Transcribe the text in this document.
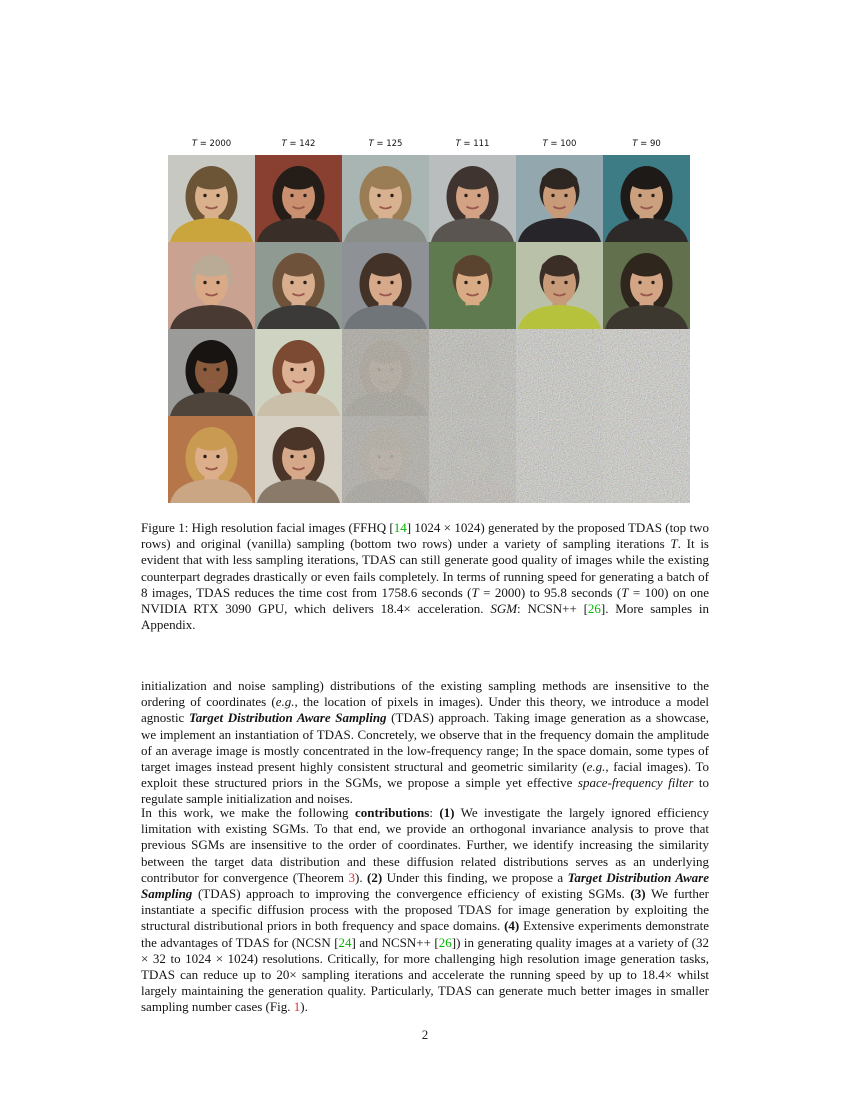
T = 2000	T = 142	T = 125	T = 111	T = 100	T = 90
Figure 1: High resolution facial images (FFHQ [14] 1024 × 1024) generated by the proposed TDAS (top two rows) and original (vanilla) sampling (bottom two rows) under a variety of sampling iterations T. It is evident that with less sampling iterations, TDAS can still generate good quality of images while the existing counterpart degrades drastically or even fails completely. In terms of running speed for generating a batch of 8 images, TDAS reduces the time cost from 1758.6 seconds (T = 2000) to 95.8 seconds (T = 100) on one NVIDIA RTX 3090 GPU, which delivers 18.4× acceleration. SGM: NCSN++ [26]. More samples in Appendix.
initialization and noise sampling) distributions of the existing sampling methods are insensitive to the ordering of coordinates (e.g., the location of pixels in images). Under this theory, we introduce a model agnostic Target Distribution Aware Sampling (TDAS) approach. Taking image generation as a showcase, we implement an instantiation of TDAS. Concretely, we observe that in the frequency domain the amplitude of an average image is mostly concentrated in the low-frequency range; In the space domain, some types of target images instead present highly consistent structural and geometric similarity (e.g., facial images). To exploit these structured priors in the SGMs, we propose a simple yet effective space-frequency filter to regulate sample initialization and noises.
In this work, we make the following contributions: (1) We investigate the largely ignored efficiency limitation with existing SGMs. To that end, we provide an orthogonal invariance analysis to prove that previous SGMs are insensitive to the order of coordinates. Further, we identify increasing the similarity between the target data distribution and these diffusion related distributions serves as an underlying contributor for convergence (Theorem 3). (2) Under this finding, we propose a Target Distribution Aware Sampling (TDAS) approach to improving the convergence efficiency of existing SGMs. (3) We further instantiate a specific diffusion process with the proposed TDAS for image generation by exploiting the structural distributional priors in both frequency and space domains. (4) Extensive experiments demonstrate the advantages of TDAS for (NCSN [24] and NCSN++ [26]) in generating quality images at a variety of (32 × 32 to 1024 × 1024) resolutions. Critically, for more challenging high resolution image generation tasks, TDAS can reduce up to 20× sampling iterations and accelerate the running speed by up to 18.4× whilst largely maintaining the generation quality. Particularly, TDAS can generate much better images in smaller sampling number cases (Fig. 1).
2
